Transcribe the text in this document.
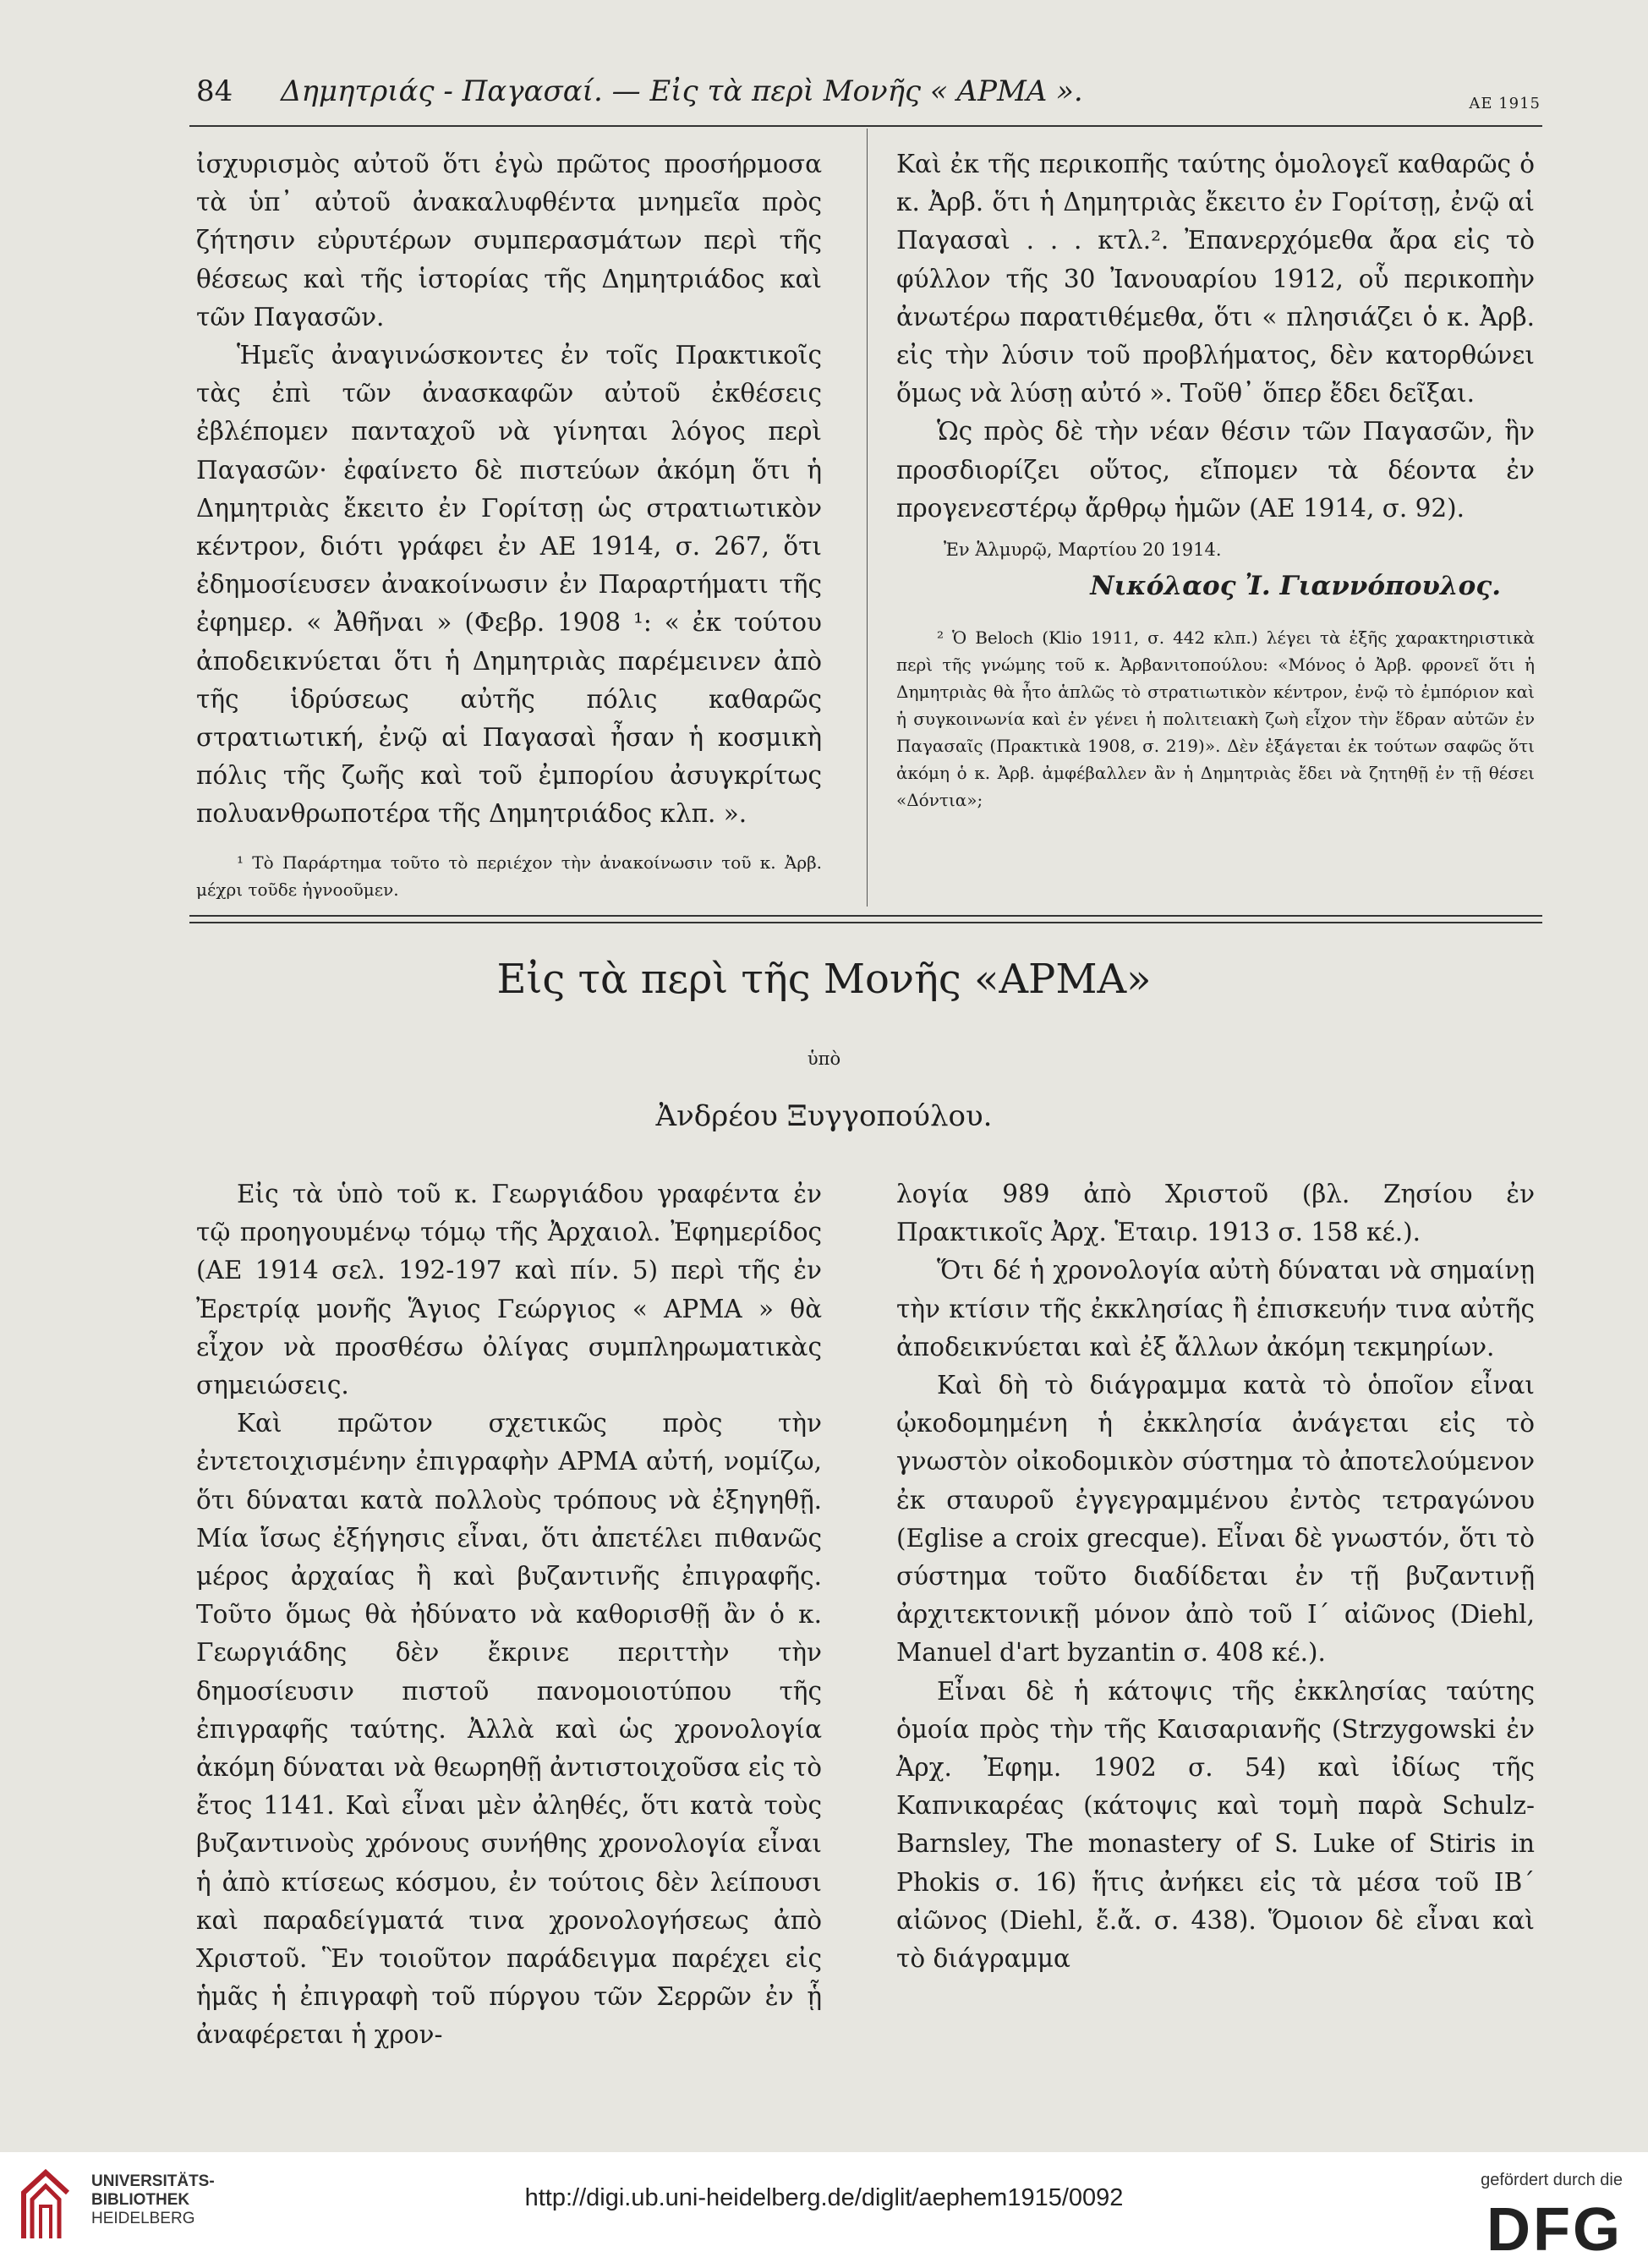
84 Δημητριάς - Παγασαί. — Εἰς τὰ περὶ Μονῆς « ΑΡΜΑ ».	ΑΕ 1915

ἰσχυρισμὸς αὐτοῦ ὅτι ἐγὼ πρῶτος προσήρμοσα τὰ ὑπ᾽ αὐτοῦ ἀνακαλυφθέντα μνημεῖα πρὸς ζήτησιν εὐρυτέρων συμπερασμάτων περὶ τῆς θέσεως καὶ τῆς ἱστορίας τῆς Δημητριάδος καὶ τῶν Παγασῶν.

Ἡμεῖς ἀναγινώσκοντες ἐν τοῖς Πρακτικοῖς τὰς ἐπὶ τῶν ἀνασκαφῶν αὐτοῦ ἐκθέσεις ἐβλέπομεν πανταχοῦ νὰ γίνηται λόγος περὶ Παγασῶν· ἐφαίνετο δὲ πιστεύων ἀκόμη ὅτι ἡ Δημητριὰς ἔκειτο ἐν Γορίτσῃ ὡς στρατιωτικὸν κέντρον, διότι γράφει ἐν ΑΕ 1914, σ. 267, ὅτι ἐδημοσίευσεν ἀνακοίνωσιν ἐν Παραρτήματι τῆς ἐφημερ. « Ἀθῆναι » (Φεβρ. 1908 ¹: « ἐκ τούτου ἀποδεικνύεται ὅτι ἡ Δημητριὰς παρέμεινεν ἀπὸ τῆς ἱδρύσεως αὐτῆς πόλις καθαρῶς στρατιωτική, ἐνῷ αἱ Παγασαὶ ἦσαν ἡ κοσμικὴ πόλις τῆς ζωῆς καὶ τοῦ ἐμπορίου ἀσυγκρίτως πολυανθρωποτέρα τῆς Δημητριάδος κλπ. ».

¹ Τὸ Παράρτημα τοῦτο τὸ περιέχον τὴν ἀνακοίνωσιν τοῦ κ. Ἀρβ. μέχρι τοῦδε ἠγνοοῦμεν.

Καὶ ἐκ τῆς περικοπῆς ταύτης ὁμολογεῖ καθαρῶς ὁ κ. Ἀρβ. ὅτι ἡ Δημητριὰς ἔκειτο ἐν Γορίτσῃ, ἐνῷ αἱ Παγασαὶ . . . κτλ.². Ἐπανερχόμεθα ἄρα εἰς τὸ φύλλον τῆς 30 Ἰανουαρίου 1912, οὗ περικοπὴν ἀνωτέρω παρατιθέμεθα, ὅτι « πλησιάζει ὁ κ. Ἀρβ. εἰς τὴν λύσιν τοῦ προβλήματος, δὲν κατορθώνει ὅμως νὰ λύσῃ αὐτό ». Τοῦθ᾽ ὅπερ ἔδει δεῖξαι.

Ὡς πρὸς δὲ τὴν νέαν θέσιν τῶν Παγασῶν, ἣν προσδιορίζει οὕτος, εἴπομεν τὰ δέοντα ἐν προγενεστέρῳ ἄρθρῳ ἡμῶν (ΑΕ 1914, σ. 92).

Ἐν Ἁλμυρῷ, Μαρτίου 20 1914.

Νικόλαος Ἰ. Γιαννόπουλος.

² Ὁ Beloch (Klio 1911, σ. 442 κλπ.) λέγει τὰ ἑξῆς χαρακτηριστικὰ περὶ τῆς γνώμης τοῦ κ. Ἀρβανιτοπούλου: «Μόνος ὁ Ἀρβ. φρονεῖ ὅτι ἡ Δημητριὰς θὰ ἦτο ἁπλῶς τὸ στρατιωτικὸν κέντρον, ἐνῷ τὸ ἐμπόριον καὶ ἡ συγκοινωνία καὶ ἐν γένει ἡ πολιτειακὴ ζωὴ εἶχον τὴν ἕδραν αὐτῶν ἐν Παγασαῖς (Πρακτικὰ 1908, σ. 219)». Δὲν ἐξάγεται ἐκ τούτων σαφῶς ὅτι ἀκόμη ὁ κ. Ἀρβ. ἀμφέβαλλεν ἂν ἡ Δημητριὰς ἔδει νὰ ζητηθῇ ἐν τῇ θέσει «Δόντια»;

Εἰς τὰ περὶ τῆς Μονῆς «ΑΡΜΑ»
ὑπὸ
Ἀνδρέου Ξυγγοπούλου.

Εἰς τὰ ὑπὸ τοῦ κ. Γεωργιάδου γραφέντα ἐν τῷ προηγουμένῳ τόμῳ τῆς Ἀρχαιολ. Ἐφημερίδος (ΑΕ 1914 σελ. 192-197 καὶ πίν. 5) περὶ τῆς ἐν Ἐρετρίᾳ μονῆς Ἅγιος Γεώργιος « ΑΡΜΑ » θὰ εἶχον νὰ προσθέσω ὀλίγας συμπληρωματικὰς σημειώσεις.

Καὶ πρῶτον σχετικῶς πρὸς τὴν ἐντετοιχισμένην ἐπιγραφὴν ΑΡΜΑ αὐτή, νομίζω, ὅτι δύναται κατὰ πολλοὺς τρόπους νὰ ἐξηγηθῇ. Μία ἴσως ἐξήγησις εἶναι, ὅτι ἀπετέλει πιθανῶς μέρος ἀρχαίας ἢ καὶ βυζαντινῆς ἐπιγραφῆς. Τοῦτο ὅμως θὰ ἠδύνατο νὰ καθορισθῇ ἂν ὁ κ. Γεωργιάδης δὲν ἔκρινε περιττὴν τὴν δημοσίευσιν πιστοῦ πανομοιοτύπου τῆς ἐπιγραφῆς ταύτης. Ἀλλὰ καὶ ὡς χρονολογία ἀκόμη δύναται νὰ θεωρηθῇ ἀντιστοιχοῦσα εἰς τὸ ἔτος 1141. Καὶ εἶναι μὲν ἀληθές, ὅτι κατὰ τοὺς βυζαντινοὺς χρόνους συνήθης χρονολογία εἶναι ἡ ἀπὸ κτίσεως κόσμου, ἐν τούτοις δὲν λείπουσι καὶ παραδείγματά τινα χρονολογήσεως ἀπὸ Χριστοῦ. Ἓν τοιοῦτον παράδειγμα παρέχει εἰς ἡμᾶς ἡ ἐπιγραφὴ τοῦ πύργου τῶν Σερρῶν ἐν ᾗ ἀναφέρεται ἡ χρον-

λογία 989 ἀπὸ Χριστοῦ (βλ. Ζησίου ἐν Πρακτικοῖς Ἀρχ. Ἑταιρ. 1913 σ. 158 κέ.).

Ὅτι δέ ἡ χρονολογία αὐτὴ δύναται νὰ σημαίνῃ τὴν κτίσιν τῆς ἐκκλησίας ἢ ἐπισκευήν τινα αὐτῆς ἀποδεικνύεται καὶ ἐξ ἄλλων ἀκόμη τεκμηρίων.

Καὶ δὴ τὸ διάγραμμα κατὰ τὸ ὁποῖον εἶναι ᾠκοδομημένη ἡ ἐκκλησία ἀνάγεται εἰς τὸ γνωστὸν οἰκοδομικὸν σύστημα τὸ ἀποτελούμενον ἐκ σταυροῦ ἐγγεγραμμένου ἐντὸς τετραγώνου (Eglise a croix grecque). Εἶναι δὲ γνωστόν, ὅτι τὸ σύστημα τοῦτο διαδίδεται ἐν τῇ βυζαντινῇ ἀρχιτεκτονικῇ μόνον ἀπὸ τοῦ Ι´ αἰῶνος (Diehl, Manuel d'art byzantin σ. 408 κέ.).

Εἶναι δὲ ἡ κάτοψις τῆς ἐκκλησίας ταύτης ὁμοία πρὸς τὴν τῆς Καισαριανῆς (Strzygowski ἐν Ἀρχ. Ἐφημ. 1902 σ. 54) καὶ ἰδίως τῆς Καπνικαρέας (κάτοψις καὶ τομὴ παρὰ Schulz-Barnsley, The monastery of S. Luke of Stiris in Phokis σ. 16) ἥτις ἀνήκει εἰς τὰ μέσα τοῦ ΙΒ´ αἰῶνος (Diehl, ἔ.ἄ. σ. 438). Ὅμοιον δὲ εἶναι καὶ τὸ διάγραμμα

UNIVERSITÄTS-
BIBLIOTHEK
HEIDELBERG
http://digi.ub.uni-heidelberg.de/diglit/aephem1915/0092
gefördert durch die
DFG
